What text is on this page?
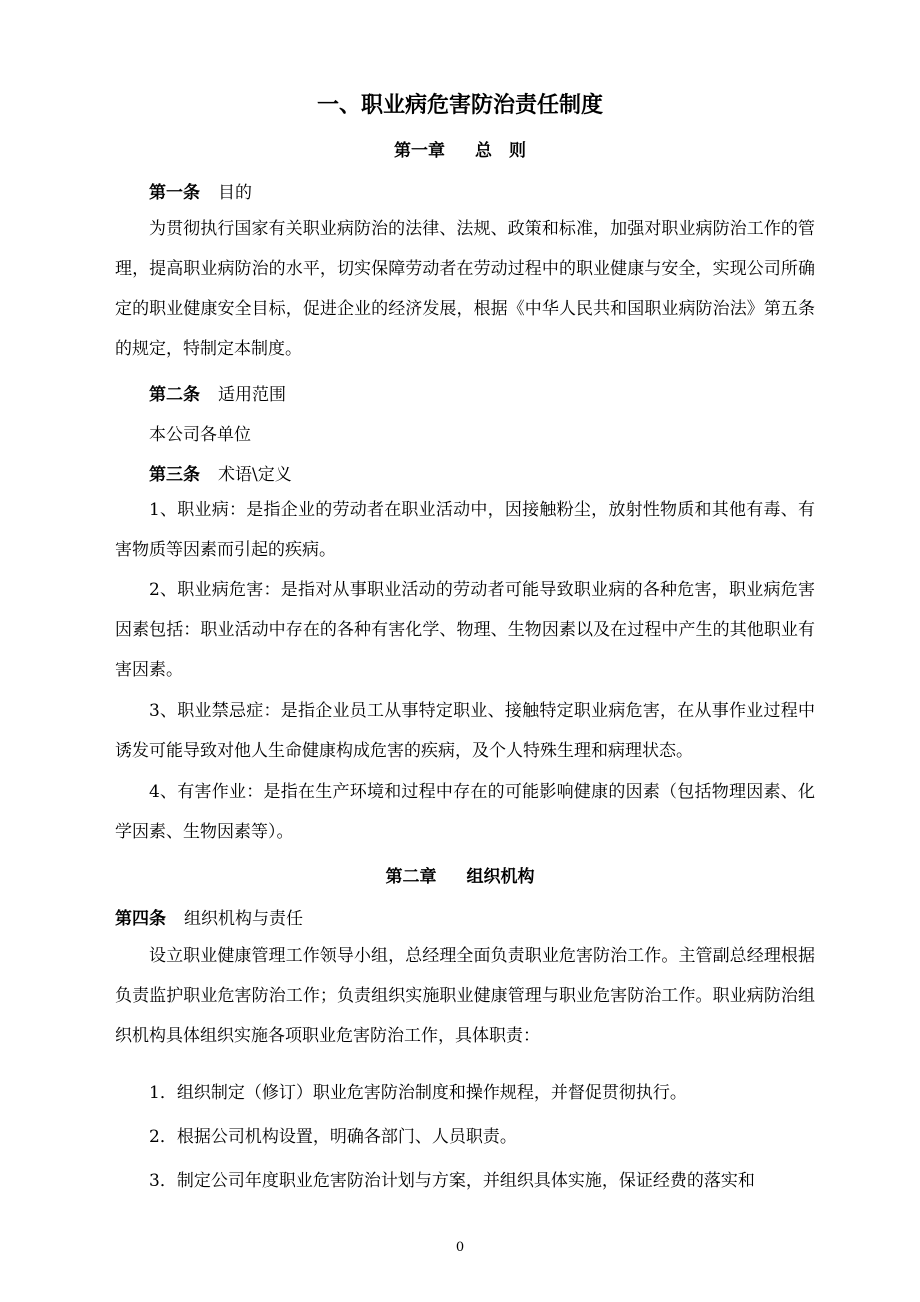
一、职业病危害防治责任制度
第一章 总　则
第一条 目的

为贯彻执行国家有关职业病防治的法律、法规、政策和标准，加强对职业病防治工作的管理，提高职业病防治的水平，切实保障劳动者在劳动过程中的职业健康与安全，实现公司所确定的职业健康安全目标，促进企业的经济发展，根据《中华人民共和国职业病防治法》第五条的规定，特制定本制度。

第二条 适用范围

本公司各单位

第三条 术语\定义

1、职业病：是指企业的劳动者在职业活动中，因接触粉尘，放射性物质和其他有毒、有害物质等因素而引起的疾病。

2、职业病危害：是指对从事职业活动的劳动者可能导致职业病的各种危害，职业病危害因素包括：职业活动中存在的各种有害化学、物理、生物因素以及在过程中产生的其他职业有害因素。

3、职业禁忌症：是指企业员工从事特定职业、接触特定职业病危害，在从事作业过程中诱发可能导致对他人生命健康构成危害的疾病，及个人特殊生理和病理状态。

4、有害作业：是指在生产环境和过程中存在的可能影响健康的因素（包括物理因素、化学因素、生物因素等）。

第二章 组织机构
第四条 组织机构与责任

设立职业健康管理工作领导小组，总经理全面负责职业危害防治工作。主管副总经理根据负责监护职业危害防治工作；负责组织实施职业健康管理与职业危害防治工作。职业病防治组织机构具体组织实施各项职业危害防治工作，具体职责：

1．组织制定（修订）职业危害防治制度和操作规程，并督促贯彻执行。

2．根据公司机构设置，明确各部门、人员职责。

3．制定公司年度职业危害防治计划与方案，并组织具体实施，保证经费的落实和

0
